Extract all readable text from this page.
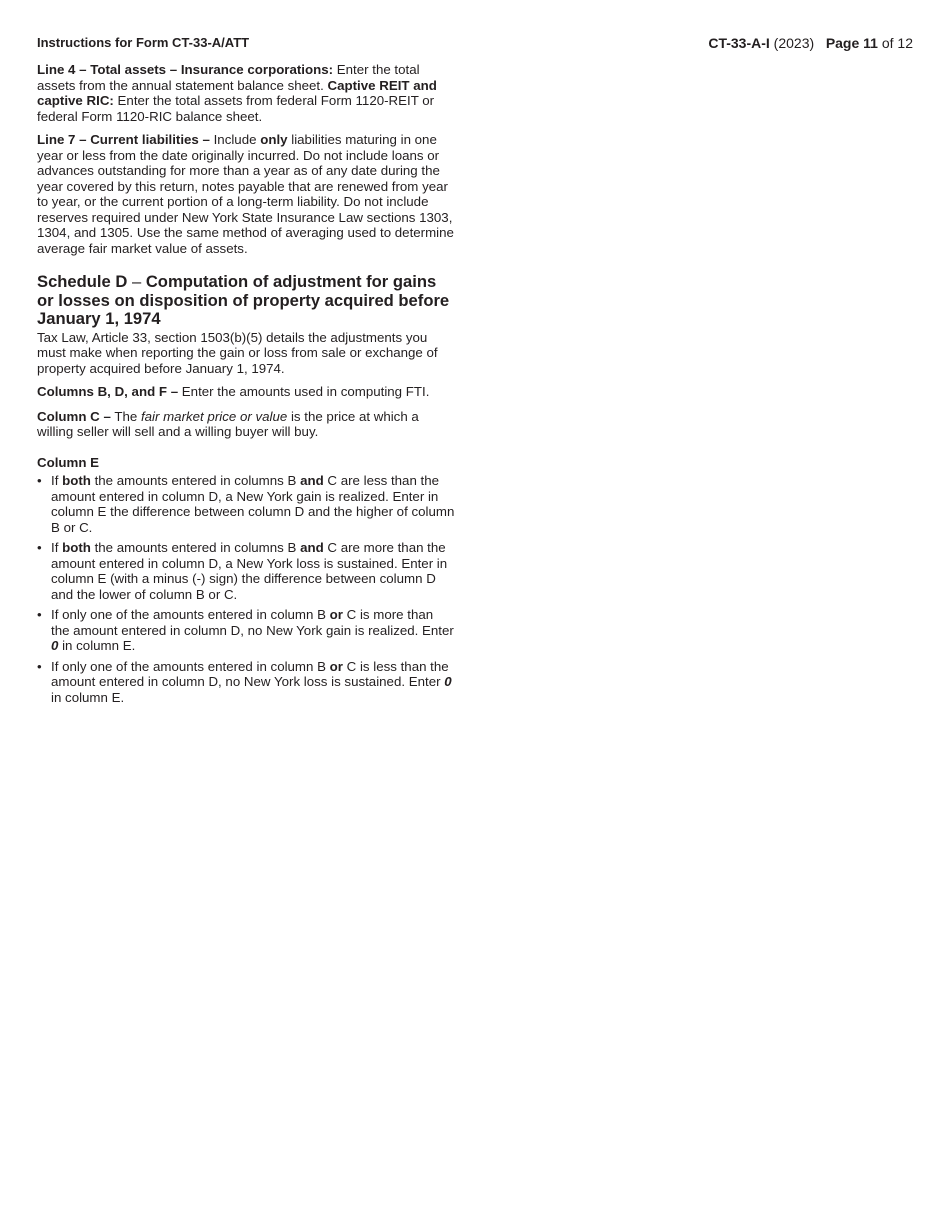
Instructions for Form CT-33-A/ATT	CT-33-A-I (2023) Page 11 of 12

Line 4 – Total assets – Insurance corporations: Enter the total assets from the annual statement balance sheet. Captive REIT and captive RIC: Enter the total assets from federal Form 1120-REIT or federal Form 1120-RIC balance sheet.

Line 7 – Current liabilities – Include only liabilities maturing in one year or less from the date originally incurred. Do not include loans or advances outstanding for more than a year as of any date during the year covered by this return, notes payable that are renewed from year to year, or the current portion of a long-term liability. Do not include reserves required under New York State Insurance Law sections 1303, 1304, and 1305. Use the same method of averaging used to determine average fair market value of assets.

Schedule D – Computation of adjustment for gains or losses on disposition of property acquired before January 1, 1974

Tax Law, Article 33, section 1503(b)(5) details the adjustments you must make when reporting the gain or loss from sale or exchange of property acquired before January 1, 1974.

Columns B, D, and F – Enter the amounts used in computing FTI.

Column C – The fair market price or value is the price at which a willing seller will sell and a willing buyer will buy.

Column E
• If both the amounts entered in columns B and C are less than the amount entered in column D, a New York gain is realized. Enter in column E the difference between column D and the higher of column B or C.
• If both the amounts entered in columns B and C are more than the amount entered in column D, a New York loss is sustained. Enter in column E (with a minus (-) sign) the difference between column D and the lower of column B or C.
• If only one of the amounts entered in column B or C is more than the amount entered in column D, no New York gain is realized. Enter 0 in column E.
• If only one of the amounts entered in column B or C is less than the amount entered in column D, no New York loss is sustained. Enter 0 in column E.
